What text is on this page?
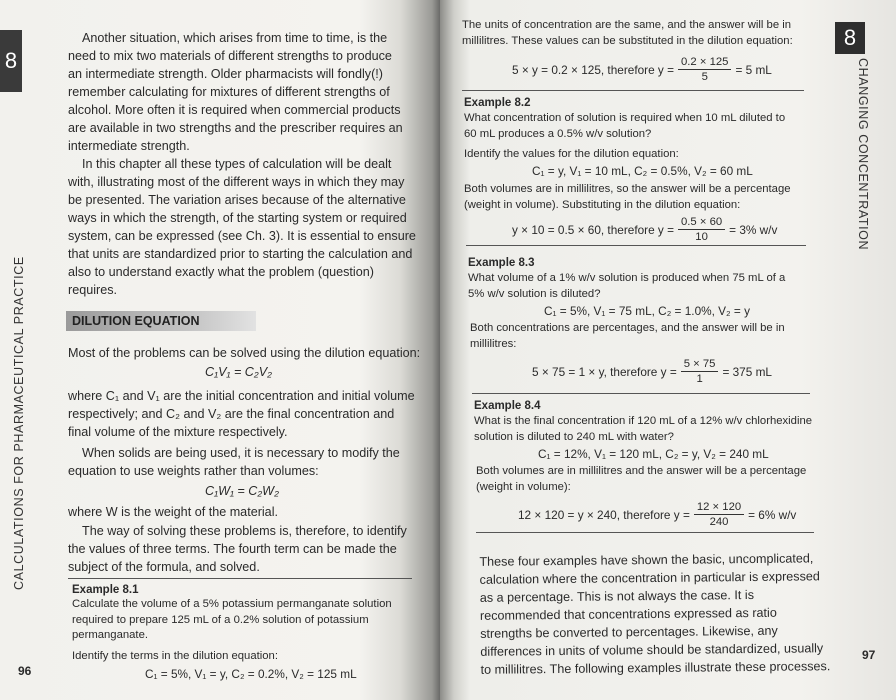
8
CALCULATIONS FOR PHARMACEUTICAL PRACTICE
96
Another situation, which arises from time to time, is the
need to mix two materials of different strengths to produce
an intermediate strength. Older pharmacists will fondly(!)
remember calculating for mixtures of different strengths of
alcohol. More often it is required when commercial products
are available in two strengths and the prescriber requires an
intermediate strength.
In this chapter all these types of calculation will be dealt
with, illustrating most of the different ways in which they may
be presented. The variation arises because of the alternative
ways in which the strength, of the starting system or required
system, can be expressed (see Ch. 3). It is essential to ensure
that units are standardized prior to starting the calculation and
also to understand exactly what the problem (question)
requires.
DILUTION EQUATION
Most of the problems can be solved using the dilution equation:
C₁V₁ = C₂V₂
where C₁ and V₁ are the initial concentration and initial volume
respectively; and C₂ and V₂ are the final concentration and
final volume of the mixture respectively.
When solids are being used, it is necessary to modify the
equation to use weights rather than volumes:
C₁W₁ = C₂W₂
where W is the weight of the material.
The way of solving these problems is, therefore, to identify
the values of three terms. The fourth term can be made the
subject of the formula, and solved.
Example 8.1
Calculate the volume of a 5% potassium permanganate solution
required to prepare 125 mL of a 0.2% solution of potassium
permanganate.
Identify the terms in the dilution equation:
C₁ = 5%, V₁ = y, C₂ = 0.2%, V₂ = 125 mL
8
CHANGING CONCENTRATION
97
The units of concentration are the same, and the answer will be in
millilitres. These values can be substituted in the dilution equation:
5 × y = 0.2 × 125, therefore $y = \frac{0.2 \times 125}{5} = 5$ mL
Example 8.2
What concentration of solution is required when 10 mL diluted to
60 mL produces a 0.5% w/v solution?
Identify the values for the dilution equation:
C₁ = y, V₁ = 10 mL, C₂ = 0.5%, V₂ = 60 mL
Both volumes are in millilitres, so the answer will be a percentage
(weight in volume). Substituting in the dilution equation:
y × 10 = 0.5 × 60, therefore $y = \frac{0.5 \times 60}{10} = 3\%$ w/v
Example 8.3
What volume of a 1% w/v solution is produced when 75 mL of a
5% w/v solution is diluted?
C₁ = 5%, V₁ = 75 mL, C₂ = 1.0%, V₂ = y
Both concentrations are percentages, and the answer will be in
millilitres:
5 × 75 = 1 × y, therefore $y = \frac{5 \times 75}{1} = 375$ mL
Example 8.4
What is the final concentration if 120 mL of a 12% w/v chlorhexidine
solution is diluted to 240 mL with water?
C₁ = 12%, V₁ = 120 mL, C₂ = y, V₂ = 240 mL
Both volumes are in millilitres and the answer will be a percentage
(weight in volume):
12 × 120 = y × 240, therefore $y = \frac{12 \times 120}{240} = 6\%$ w/v
These four examples have shown the basic, uncomplicated,
calculation where the concentration in particular is expressed
as a percentage. This is not always the case. It is
recommended that concentrations expressed as ratio
strengths be converted to percentages. Likewise, any
differences in units of volume should be standardized, usually
to millilitres. The following examples illustrate these processes.
